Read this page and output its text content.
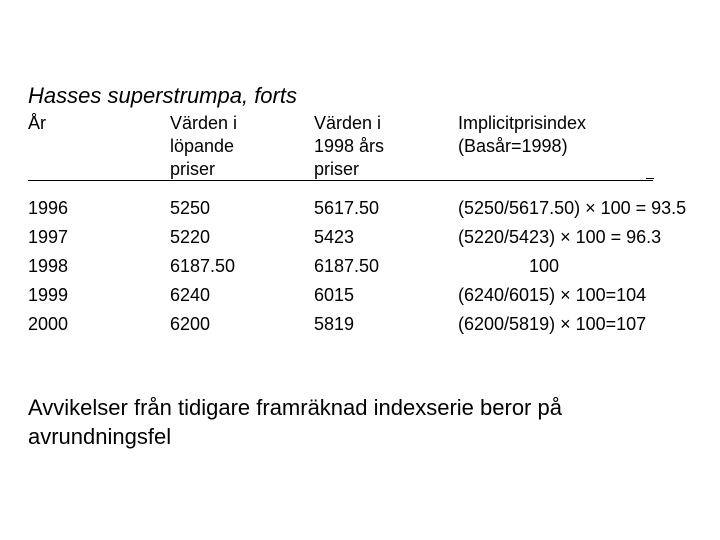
Hasses superstrumpa, forts
År	Värden i
löpande
priser
Värden i
1998 års
priser
Implicitprisindex
(Basår=1998)
1996
1997
1998
1999
2000
5250
5220
6187.50
6240
6200
5617.50
5423
6187.50
6015
5819
(5250/5617.50) × 100 = 93.5
(5220/5423) × 100 = 96.3
100
(6240/6015) × 100=104
(6200/5819) × 100=107
Avvikelser från tidigare framräknad indexserie beror på avrundningsfel
